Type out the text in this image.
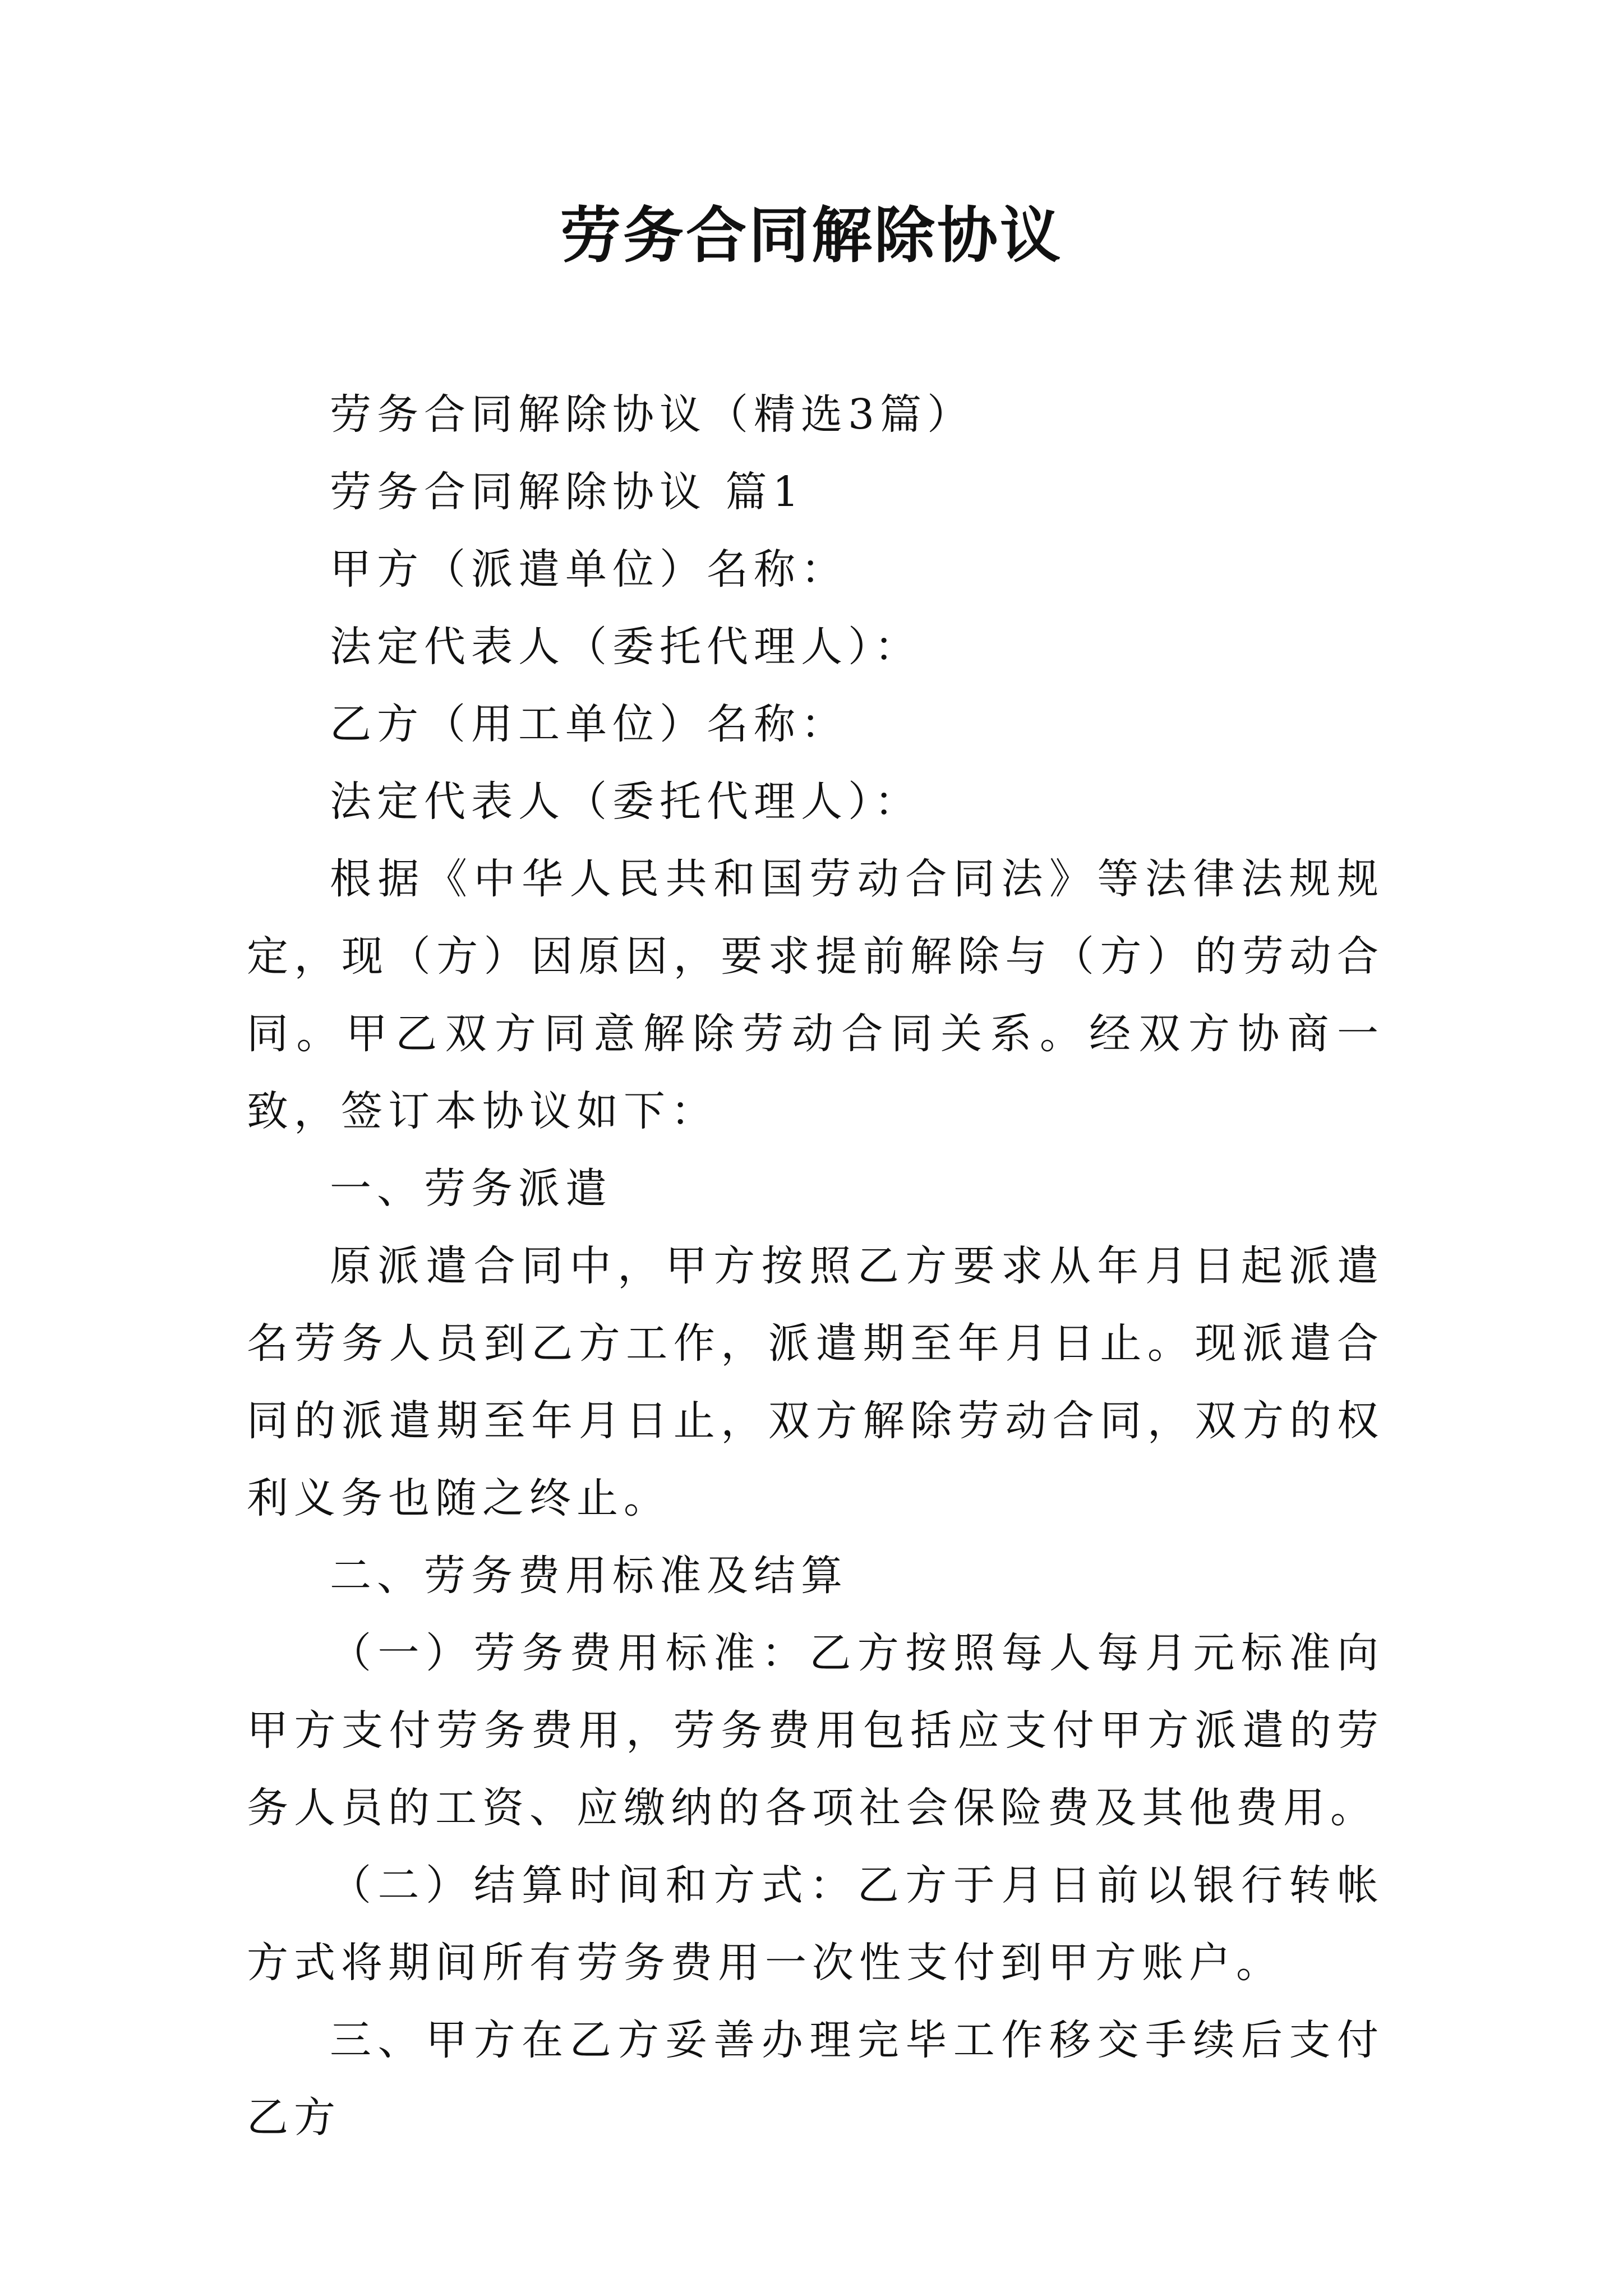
劳务合同解除协议

劳务合同解除协议（精选3篇）

劳务合同解除协议 篇1

甲方（派遣单位）名称：

法定代表人（委托代理人）：

乙方（用工单位）名称：

法定代表人（委托代理人）：

根据《中华人民共和国劳动合同法》等法律法规规定，现（方）因原因，要求提前解除与（方）的劳动合同。甲乙双方同意解除劳动合同关系。经双方协商一致，签订本协议如下：

一、劳务派遣

原派遣合同中，甲方按照乙方要求从年月日起派遣名劳务人员到乙方工作，派遣期至年月日止。现派遣合同的派遣期至年月日止，双方解除劳动合同，双方的权利义务也随之终止。

二、劳务费用标准及结算

（一）劳务费用标准：乙方按照每人每月元标准向甲方支付劳务费用，劳务费用包括应支付甲方派遣的劳务人员的工资、应缴纳的各项社会保险费及其他费用。

（二）结算时间和方式：乙方于月日前以银行转帐方式将期间所有劳务费用一次性支付到甲方账户。

三、甲方在乙方妥善办理完毕工作移交手续后支付乙方
